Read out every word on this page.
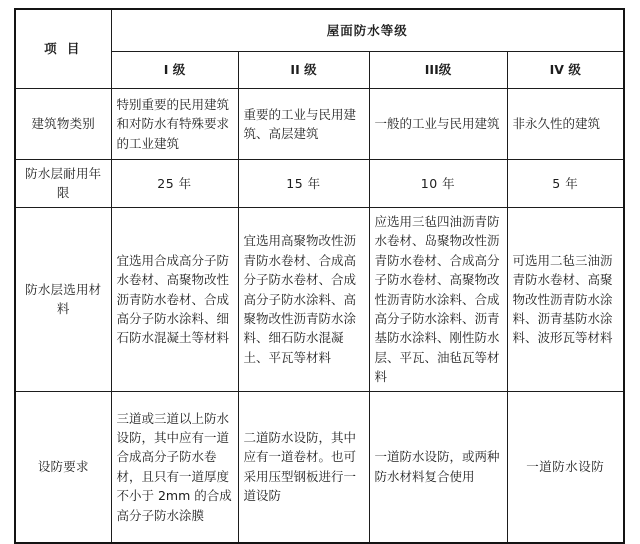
项 目	屋面防水等级			
	I 级	II 级	III级	IV 级
建筑物类别	特别重要的民用建筑和对防水有特殊要求的工业建筑	重要的工业与民用建筑、高层建筑	一般的工业与民用建筑	非永久性的建筑
防水层耐用年限	25 年	15 年	10 年	5 年
防水层选用材料	宜选用合成高分子防水卷材、高聚物改性沥青防水卷材、合成高分子防水涂料、细石防水混凝土等材料	宜选用高聚物改性沥青防水卷材、合成高分子防水卷材、合成高分子防水涂料、高聚物改性沥青防水涂料、细石防水混凝土、平瓦等材料	应选用三毡四油沥青防水卷材、岛聚物改性沥青防水卷材、合成高分子防水卷材、高聚物改性沥青防水涂料、合成高分子防水涂料、沥青基防水涂料、刚性防水层、平瓦、油毡瓦等材料	可选用二毡三油沥青防水卷材、高聚物改性沥青防水涂料、沥青基防水涂料、波形瓦等材料
设防要求	三道或三道以上防水设防，其中应有一道合成高分子防水卷材，且只有一道厚度不小于 2mm 的合成高分子防水涂膜	二道防水设防，其中应有一道卷材。也可采用压型钢板进行一道设防	一道防水设防，或两种防水材料复合使用	一道防水设防
